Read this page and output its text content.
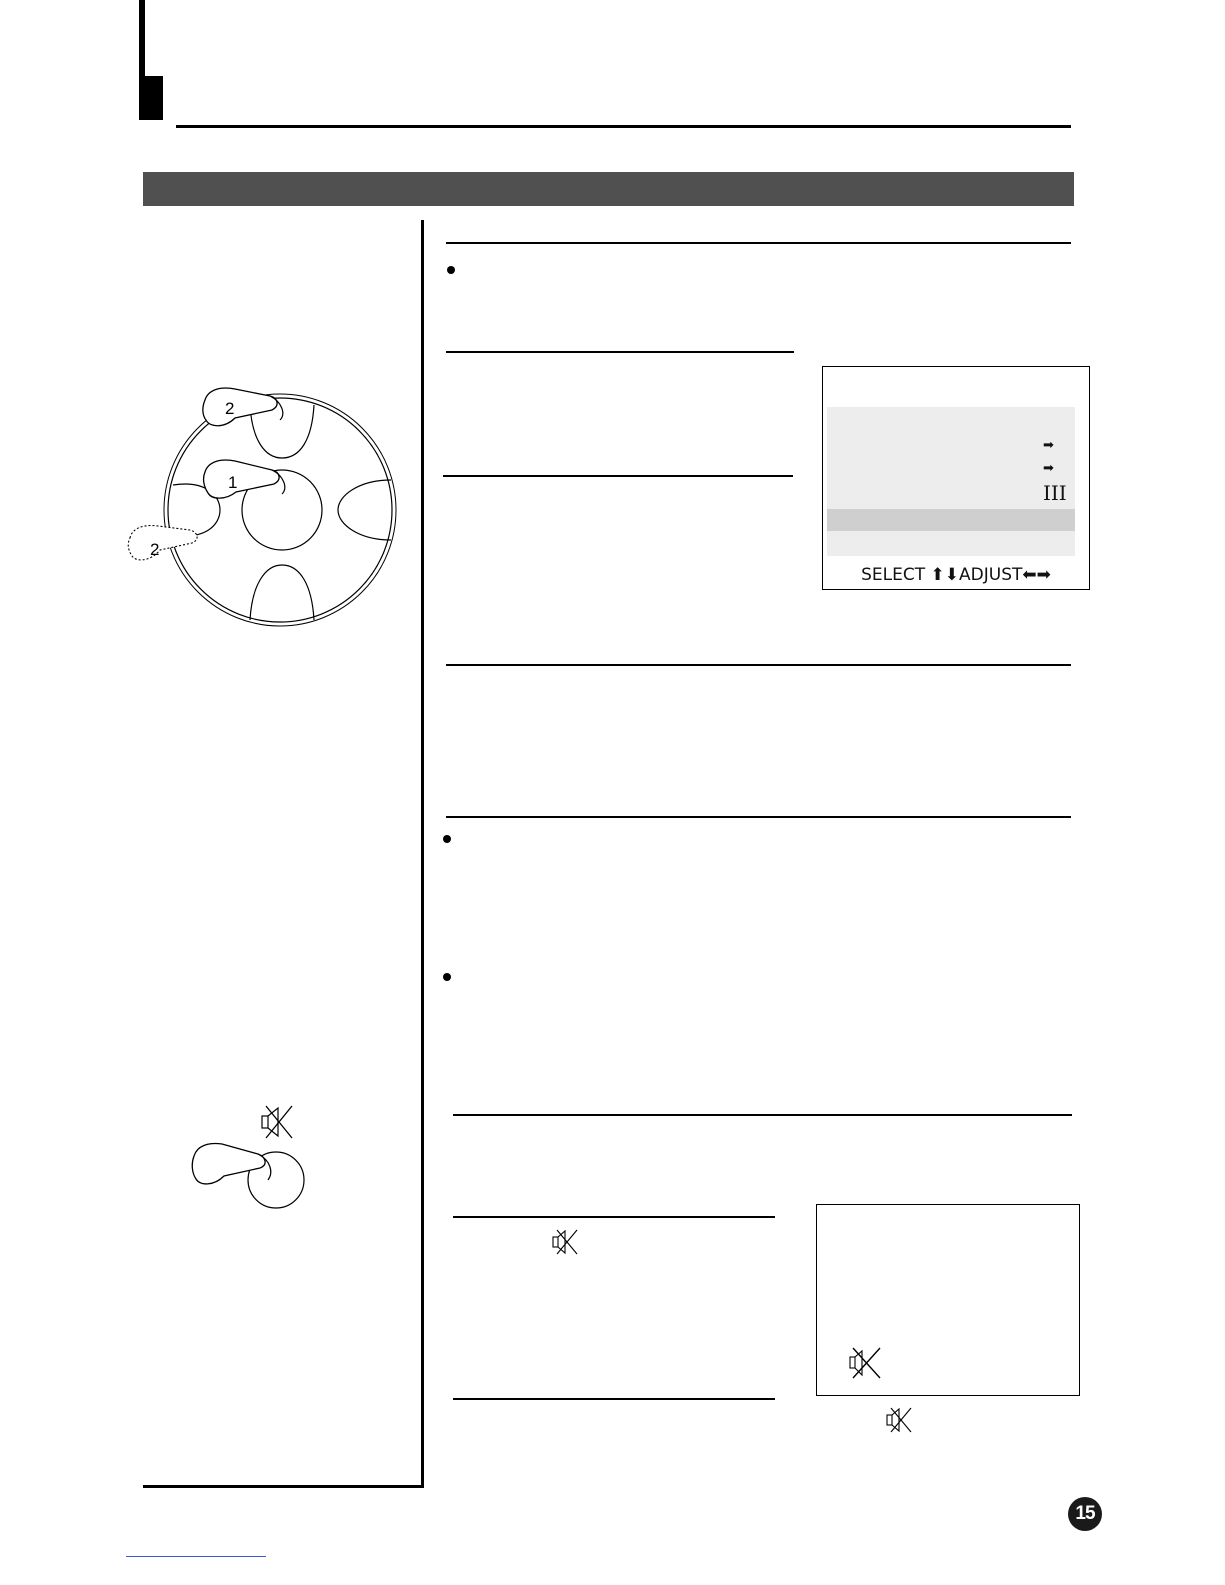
2
1
2
➡
➡
III
SELECT ⬆⬇ADJUST⬅➡
15
